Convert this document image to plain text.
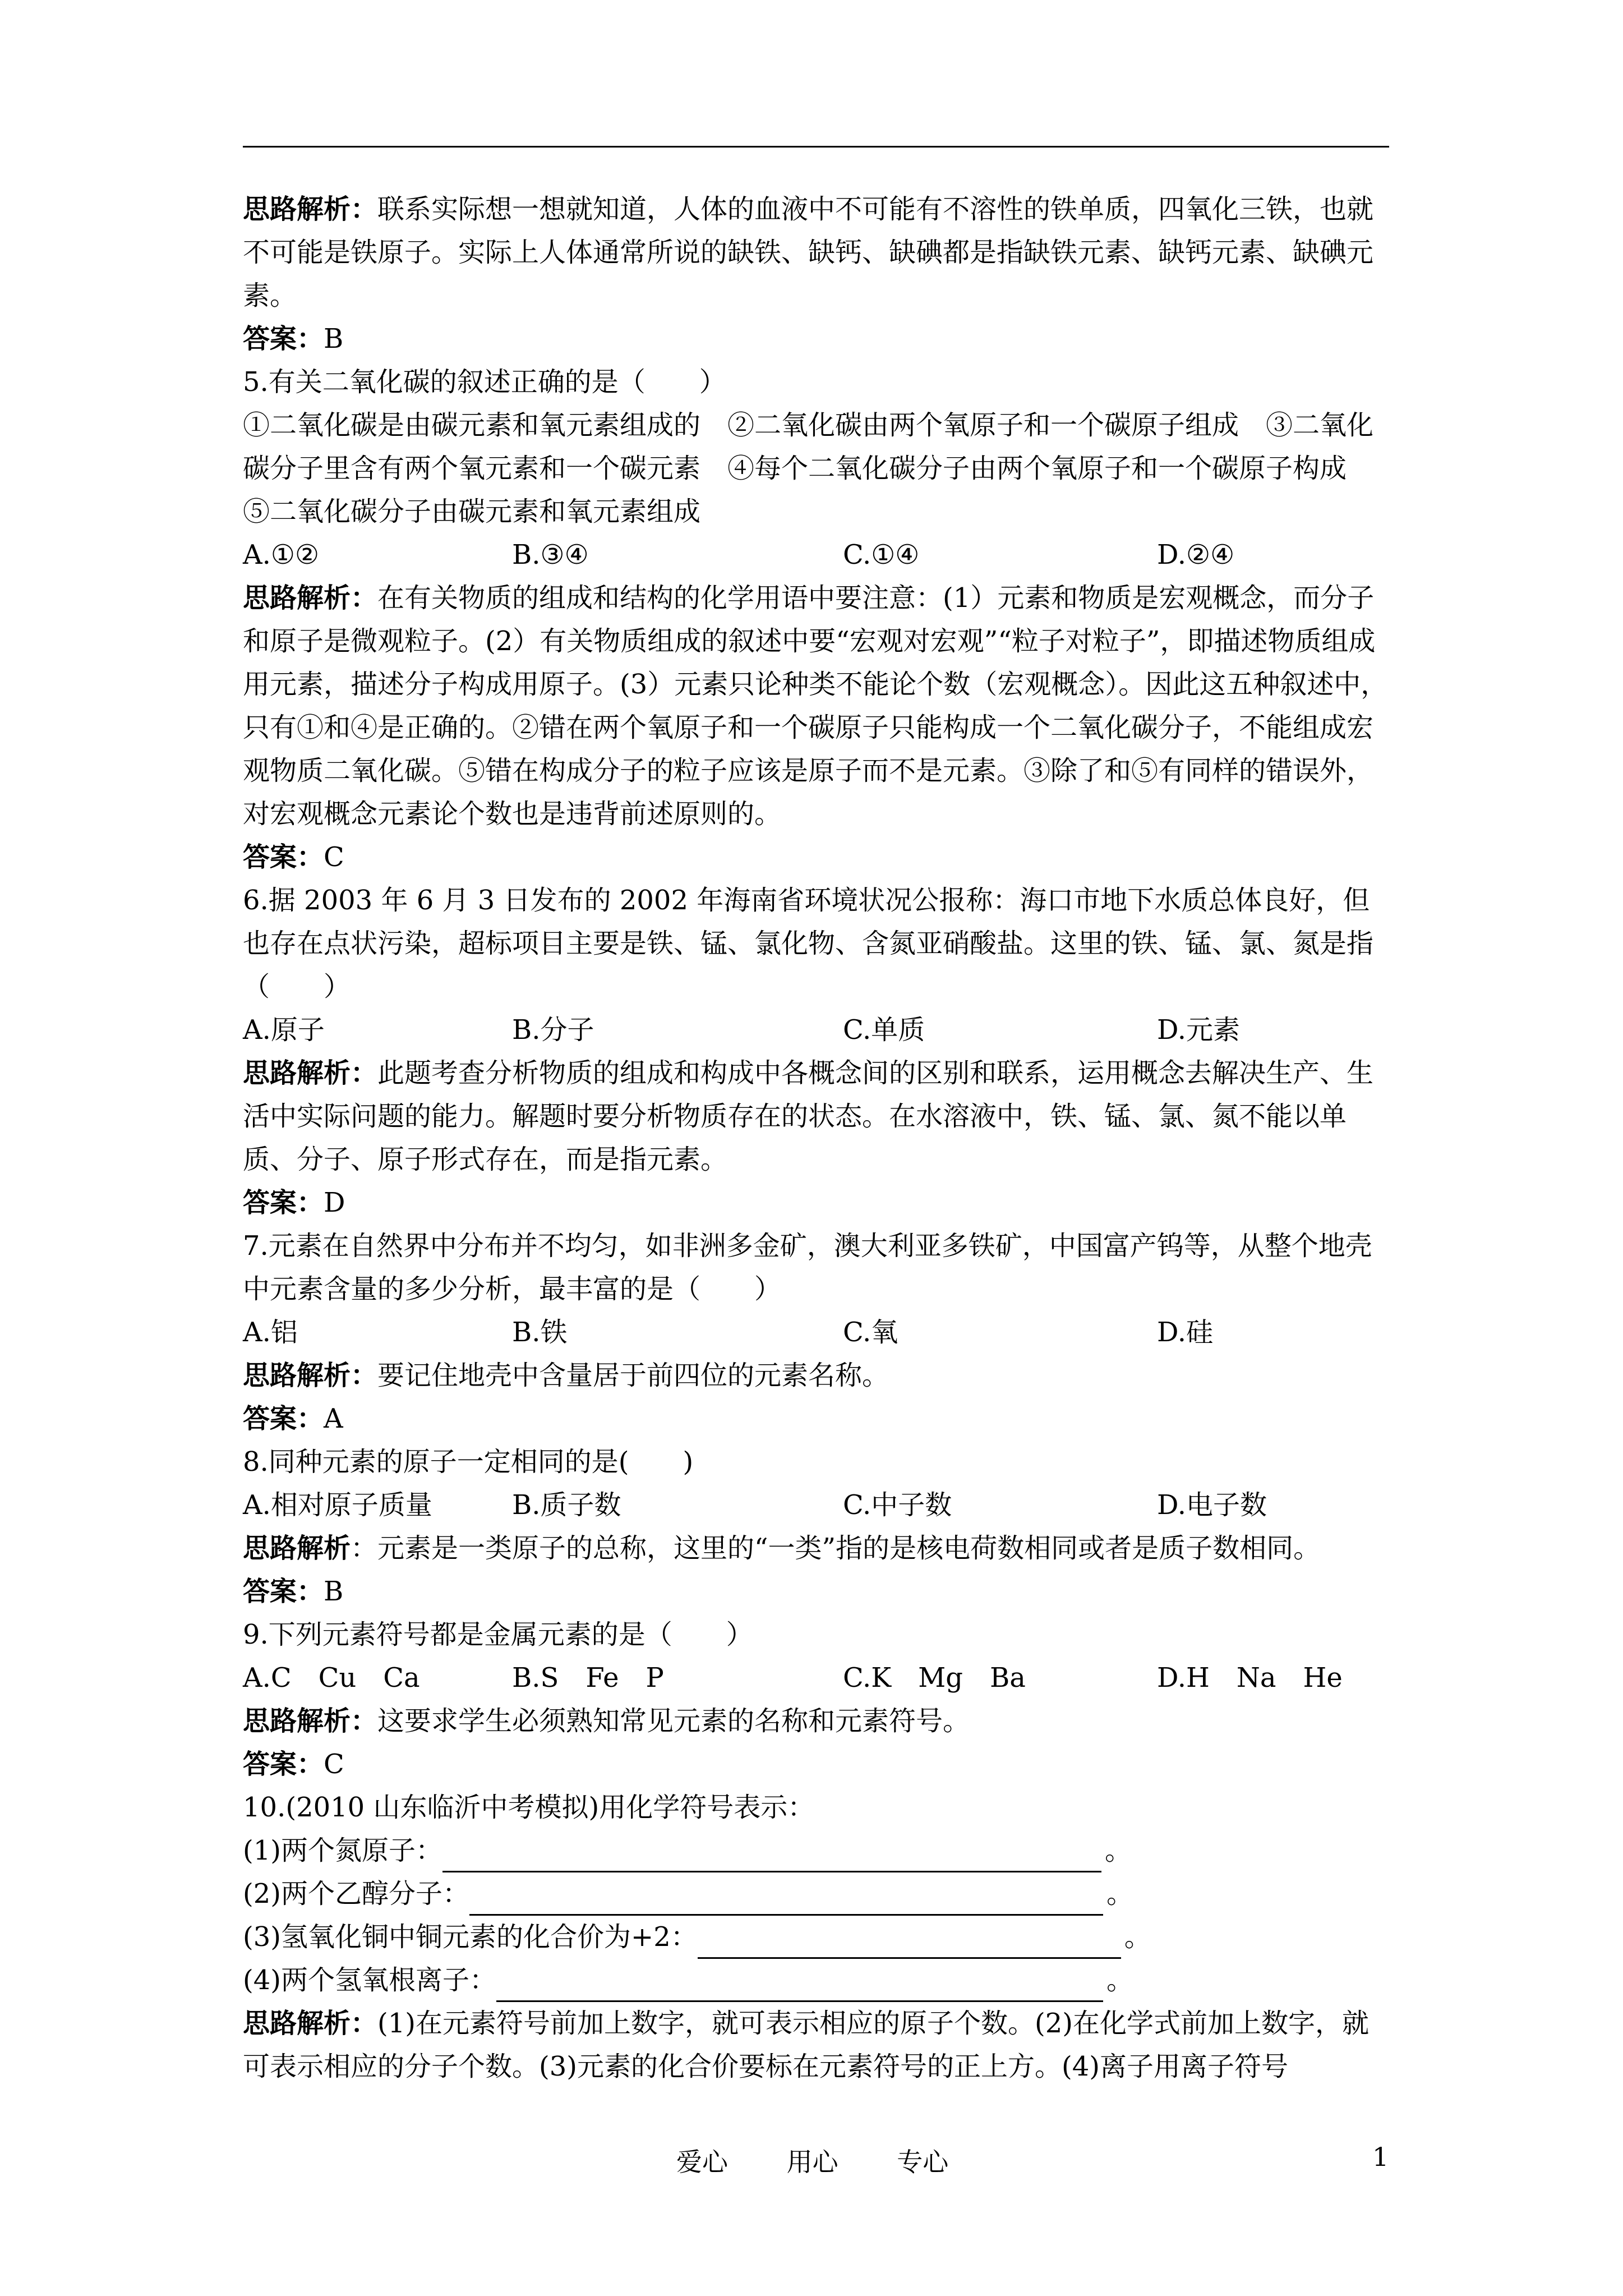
思路解析：联系实际想一想就知道，人体的血液中不可能有不溶性的铁单质，四氧化三铁，也就不可能是铁原子。实际上人体通常所说的缺铁、缺钙、缺碘都是指缺铁元素、缺钙元素、缺碘元素。

答案：B

5.有关二氧化碳的叙述正确的是（　　）

①二氧化碳是由碳元素和氧元素组成的　②二氧化碳由两个氧原子和一个碳原子组成　③二氧化碳分子里含有两个氧元素和一个碳元素　④每个二氧化碳分子由两个氧原子和一个碳原子构成　⑤二氧化碳分子由碳元素和氧元素组成

A.①②	B.③④	C.①④	D.②④

思路解析：在有关物质的组成和结构的化学用语中要注意：(1）元素和物质是宏观概念，而分子和原子是微观粒子。(2）有关物质组成的叙述中要“宏观对宏观”“粒子对粒子”，即描述物质组成用元素，描述分子构成用原子。(3）元素只论种类不能论个数（宏观概念）。因此这五种叙述中，只有①和④是正确的。②错在两个氧原子和一个碳原子只能构成一个二氧化碳分子，不能组成宏观物质二氧化碳。⑤错在构成分子的粒子应该是原子而不是元素。③除了和⑤有同样的错误外，对宏观概念元素论个数也是违背前述原则的。

答案：C

6.据 2003 年 6 月 3 日发布的 2002 年海南省环境状况公报称：海口市地下水质总体良好，但也存在点状污染，超标项目主要是铁、锰、氯化物、含氮亚硝酸盐。这里的铁、锰、氯、氮是指（　　）

A.原子	B.分子	C.单质	D.元素

思路解析：此题考查分析物质的组成和构成中各概念间的区别和联系，运用概念去解决生产、生活中实际问题的能力。解题时要分析物质存在的状态。在水溶液中，铁、锰、氯、氮不能以单质、分子、原子形式存在，而是指元素。

答案：D

7.元素在自然界中分布并不均匀，如非洲多金矿，澳大利亚多铁矿，中国富产钨等，从整个地壳中元素含量的多少分析，最丰富的是（　　）

A.铝	B.铁	C.氧	D.硅

思路解析：要记住地壳中含量居于前四位的元素名称。

答案：A

8.同种元素的原子一定相同的是(　　)

A.相对原子质量	B.质子数	C.中子数	D.电子数

思路解析：元素是一类原子的总称，这里的“一类”指的是核电荷数相同或者是质子数相同。

答案：B

9.下列元素符号都是金属元素的是（　　）

A.C　Cu　Ca	B.S　Fe　P	C.K　Mg　Ba	D.H　Na　He

思路解析：这要求学生必须熟知常见元素的名称和元素符号。

答案：C

10.(2010 山东临沂中考模拟)用化学符号表示：

(1)两个氮原子：	。
(2)两个乙醇分子：	。
(3)氢氧化铜中铜元素的化合价为+2：	。
(4)两个氢氧根离子：	。

思路解析：(1)在元素符号前加上数字，就可表示相应的原子个数。(2)在化学式前加上数字，就可表示相应的分子个数。(3)元素的化合价要标在元素符号的正上方。(4)离子用离子符号

爱心 用心 专心	1
